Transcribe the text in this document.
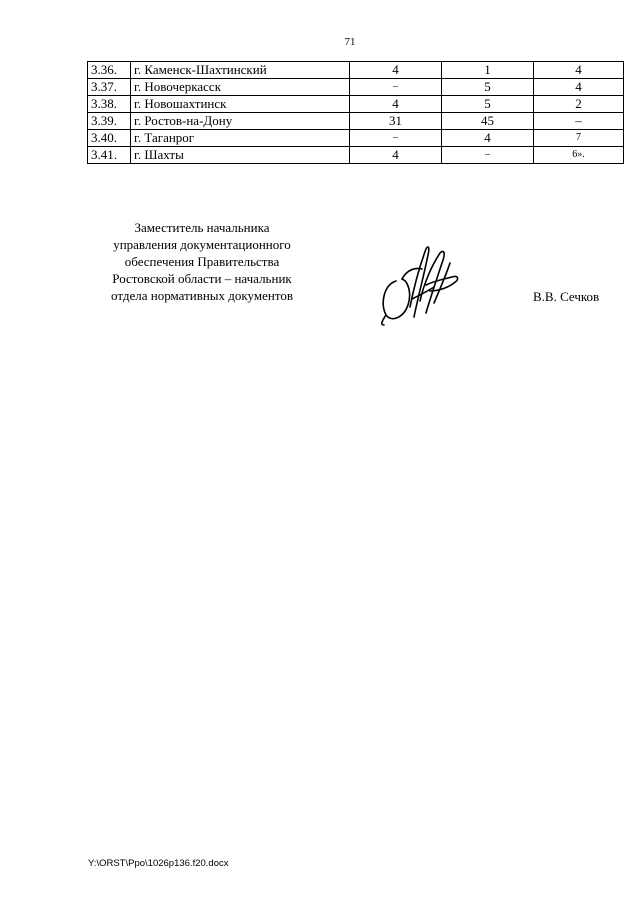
71
3.36.	г. Каменск-Шахтинский	4	1	4
3.37.	г. Новочеркасск	–	5	4
3.38.	г. Новошахтинск	4	5	2
3.39.	г. Ростов-на-Дону	31	45	–
3.40.	г. Таганрог	–	4	7
3.41.	г. Шахты	4	–	6».
Заместитель начальника
управления документационного
обеспечения Правительства
Ростовской области – начальник
отдела нормативных документов	В.В. Сечков
Y:\ORST\Ppo\1026p136.f20.docx
